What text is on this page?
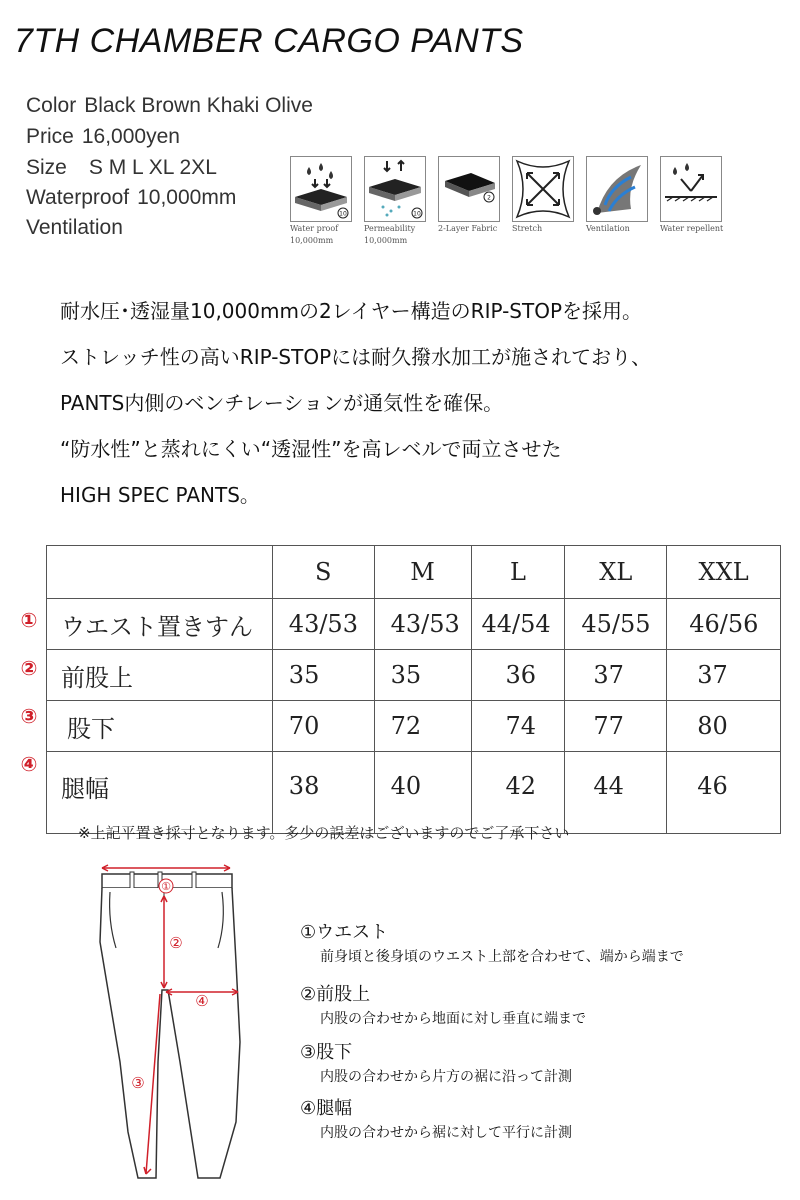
7TH CHAMBER CARGO PANTS
Color Black Brown Khaki Olive
Price 16,000yen
Size S M L XL 2XL
Waterproof 10,000mm
Ventilation
10
Water proof
10,000mm
10
Permeability
10,000mm
2
2-Layer Fabric	Stretch	Ventilation	Water repellent
耐水圧･透湿量10,000mmの2レイヤー構造のRIP-STOPを採用。
ストレッチ性の高いRIP-STOPには耐久撥水加工が施されており、
PANTS内側のベンチレーションが通気性を確保。
“防水性”と蒸れにくい“透湿性”を高レベルで両立させた
HIGH SPEC PANTS。
	S	M	L	XL	XXL
ウエスト置きすん	43/53	43/53	44/54	45/55	46/56
前股上	35	35	36	37	37
股下	70	72	74	77	80
腿幅	38	40	42	44	46
①
②
③
④
※上記平置き採寸となります。多少の誤差はございますのでご了承下さい
①
②
④
③
①ウエスト
前身頃と後身頃のウエスト上部を合わせて、端から端まで
②前股上
内股の合わせから地面に対し垂直に端まで
③股下
内股の合わせから片方の裾に沿って計測
④腿幅
内股の合わせから裾に対して平行に計測
